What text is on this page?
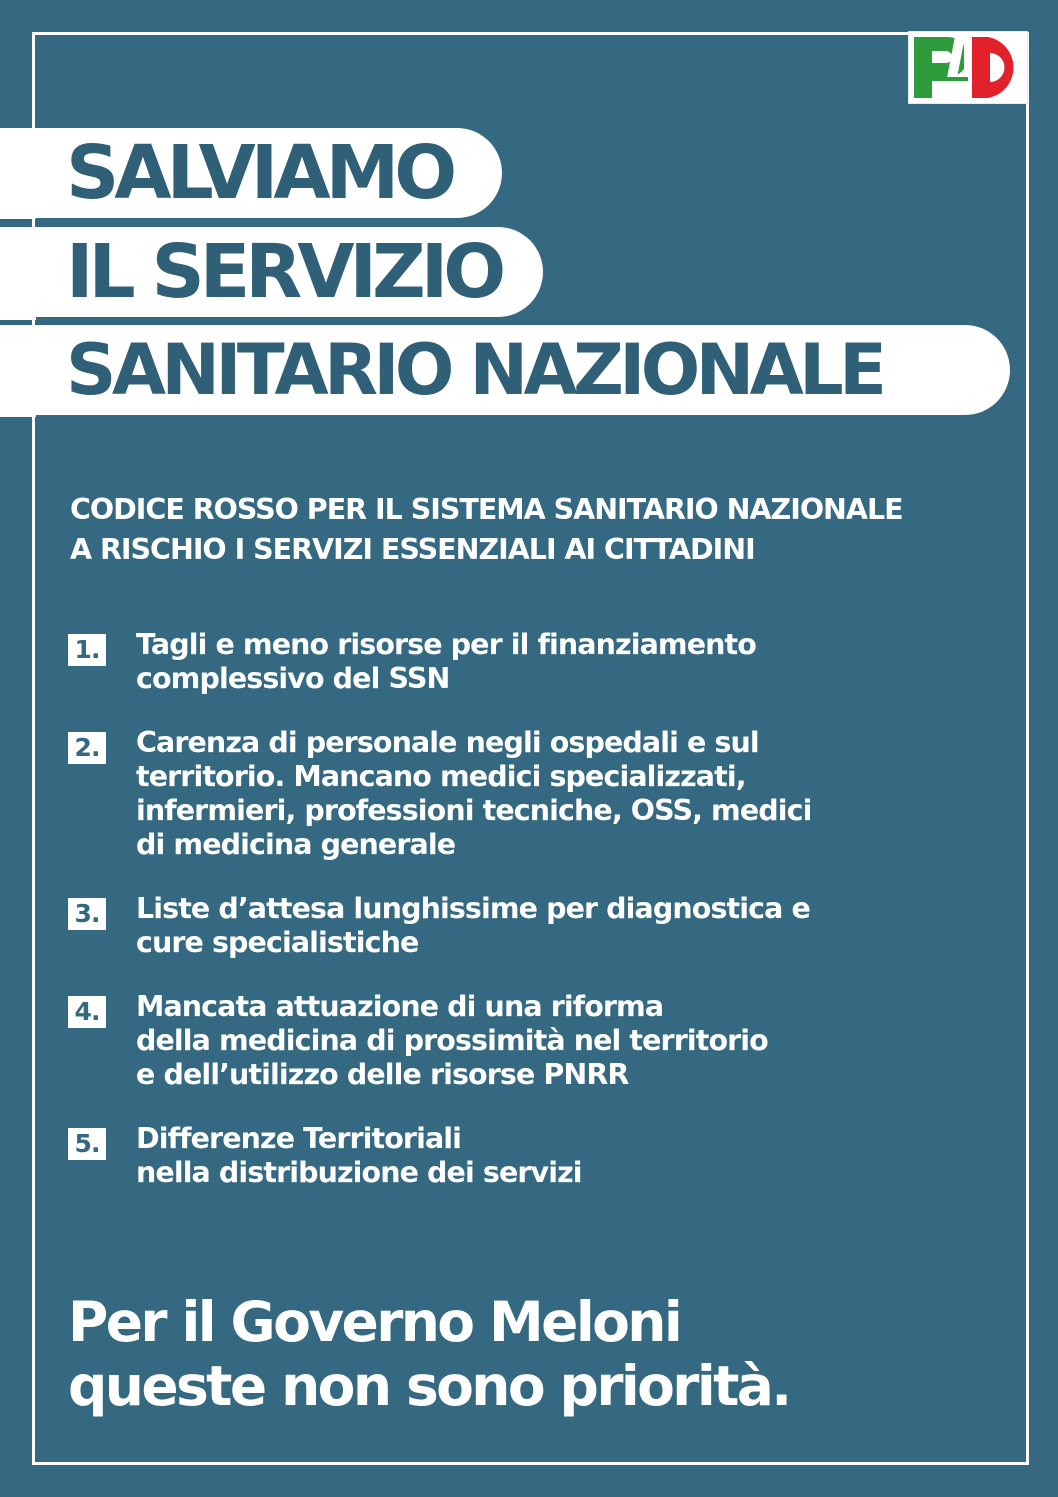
SALVIAMO
IL SERVIZIO
SANITARIO NAZIONALE
CODICE ROSSO PER IL SISTEMA SANITARIO NAZIONALE
A RISCHIO I SERVIZI ESSENZIALI AI CITTADINI
1. Tagli e meno risorse per il finanziamento
complessivo del SSN
2. Carenza di personale negli ospedali e sul
territorio. Mancano medici specializzati,
infermieri, professioni tecniche, OSS, medici
di medicina generale
3. Liste d’attesa lunghissime per diagnostica e
cure specialistiche
4. Mancata attuazione di una riforma
della medicina di prossimità nel territorio
e dell’utilizzo delle risorse PNRR
5. Differenze Territoriali
nella distribuzione dei servizi
Per il Governo Meloni
queste non sono priorità.
